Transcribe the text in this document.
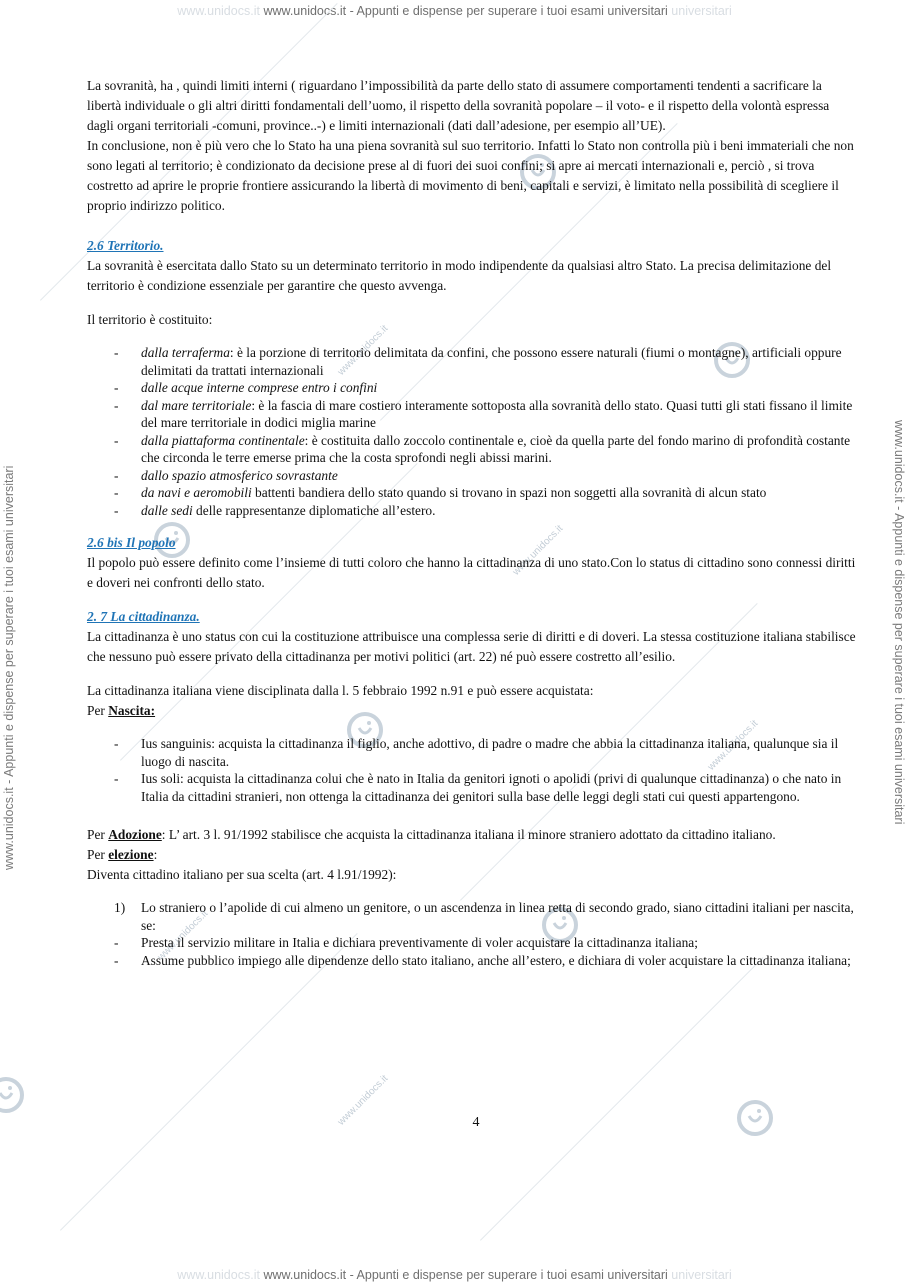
www.unidocs.it www.unidocs.it - Appunti e dispense per superare i tuoi esami universitari universitari
www.unidocs.it www.unidocs.it - Appunti e dispense per superare i tuoi esami universitari universitari
www.unidocs.it - Appunti e dispense per superare i tuoi esami universitari	www.unidocs.it - Appunti e dispense per superare i tuoi esami universitari
www.unidocs.it
www.unidocs.it
www.unidocs.it
www.unidocs.it
www.unidocs.it

La sovranità, ha , quindi limiti interni ( riguardano l’impossibilità da parte dello stato di assumere comportamenti tendenti a sacrificare la libertà individuale o gli altri diritti fondamentali dell’uomo, il rispetto della sovranità popolare – il voto- e il rispetto della volontà espressa dagli organi territoriali -comuni, province..-) e limiti internazionali (dati dall’adesione, per esempio all’UE).

In conclusione, non è più vero che lo Stato ha una piena sovranità sul suo territorio. Infatti lo Stato non controlla più i beni immateriali che non sono legati al territorio; è condizionato da decisione prese al di fuori dei suoi confini; si apre ai mercati internazionali e, perciò , si trova costretto ad aprire le proprie frontiere assicurando la libertà di movimento di beni, capitali e servizi, è limitato nella possibilità di scegliere il proprio indirizzo politico.

2.6 Territorio.

La sovranità è esercitata dallo Stato su un determinato territorio in modo indipendente da qualsiasi altro Stato. La precisa delimitazione del territorio è condizione essenziale per garantire che questo avvenga.

Il territorio è costituito:

- dalla terraferma: è la porzione di territorio delimitata da confini, che possono essere naturali (fiumi o montagne), artificiali oppure delimitati da trattati internazionali
- dalle acque interne comprese entro i confini
- dal mare territoriale: è la fascia di mare costiero interamente sottoposta alla sovranità dello stato. Quasi tutti gli stati fissano il limite del mare territoriale in dodici miglia marine
- dalla piattaforma continentale: è costituita dallo zoccolo continentale e, cioè da quella parte del fondo marino di profondità costante che circonda le terre emerse prima che la costa sprofondi negli abissi marini.
- dallo spazio atmosferico sovrastante
- da navi e aeromobili battenti bandiera dello stato quando si trovano in spazi non soggetti alla sovranità di alcun stato
- dalle sedi delle rappresentanze diplomatiche all’estero.

2.6 bis Il popolo

Il popolo può essere definito come l’insieme di tutti coloro che hanno la cittadinanza di uno stato.Con lo status di cittadino sono connessi diritti e doveri nei confronti dello stato.

2. 7 La cittadinanza.

La cittadinanza è uno status con cui la costituzione attribuisce una complessa serie di diritti e di doveri. La stessa costituzione italiana stabilisce che nessuno può essere privato della cittadinanza per motivi politici (art. 22) né può essere costretto all’esilio.

La cittadinanza italiana viene disciplinata dalla l. 5 febbraio 1992 n.91 e può essere acquistata:

Per Nascita:

- Ius sanguinis: acquista la cittadinanza il figlio, anche adottivo, di padre o madre che abbia la cittadinanza italiana, qualunque sia il luogo di nascita.
- Ius soli: acquista la cittadinanza colui che è nato in Italia da genitori ignoti o apolidi (privi di qualunque cittadinanza) o che nato in Italia da cittadini stranieri, non ottenga la cittadinanza dei genitori sulla base delle leggi degli stati cui questi appartengono.

Per Adozione: L’ art. 3 l. 91/1992 stabilisce che acquista la cittadinanza italiana il minore straniero adottato da cittadino italiano.

Per elezione:

Diventa cittadino italiano per sua scelta (art. 4 l.91/1992):

1) Lo straniero o l’apolide di cui almeno un genitore, o un ascendenza in linea retta di secondo grado, siano cittadini italiani per nascita, se:
- Presta il servizio militare in Italia e dichiara preventivamente di voler acquistare la cittadinanza italiana;
- Assume pubblico impiego alle dipendenze dello stato italiano, anche all’estero, e dichiara di voler acquistare la cittadinanza italiana;
4
